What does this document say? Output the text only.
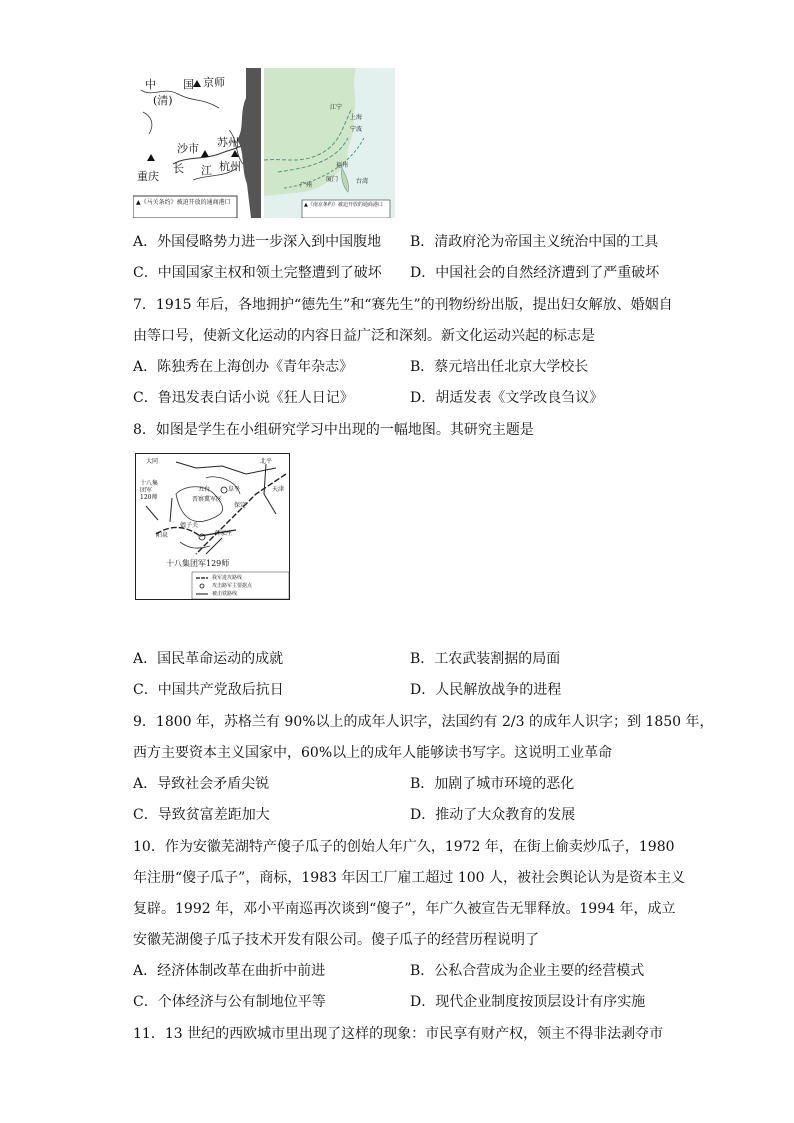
中 国 京师
(清)
苏州
沙市
长 江 杭州
重庆
▲《马关条约》被迫开放的通商港口
江宁
上海
宁波
福州
厦门
广州
台湾
▲《南京条约》被迫开放的通商港口
A．外国侵略势力进一步深入到中国腹地 B．清政府沦为帝国主义统治中国的工具
C．中国国家主权和领土完整遭到了破坏 D．中国社会的自然经济遭到了严重破坏
7．1915 年后，各地拥护“德先生”和“赛先生”的刊物纷纷出版，提出妇女解放、婚姻自
由等口号，使新文化运动的内容日益广泛和深刻。新文化运动兴起的标志是
A．陈独秀在上海创办《青年杂志》	B．蔡元培出任北京大学校长
C．鲁迅发表白话小说《狂人日记》	D．胡适发表《文学改良刍议》
8．如图是学生在小组研究学习中出现的一幅地图。其研究主题是
大同	北平
天津
十八集团军120师
五台
晋察冀军区
阜平
保定
阳泉
娘子关
石家庄
十八集团军129师
我军进攻路线
攻击路军主要据点
被击铁路线
A．国民革命运动的成就	B．工农武装割据的局面
C．中国共产党敌后抗日	D．人民解放战争的进程
9．1800 年，苏格兰有 90%以上的成年人识字，法国约有 2/3 的成年人识字；到 1850 年，
西方主要资本主义国家中，60%以上的成年人能够读书写字。这说明工业革命
A．导致社会矛盾尖锐	B．加剧了城市环境的恶化
C．导致贫富差距加大	D．推动了大众教育的发展
10．作为安徽芜湖特产傻子瓜子的创始人年广久，1972 年，在街上偷卖炒瓜子，1980
年注册“傻子瓜子”，商标，1983 年因工厂雇工超过 100 人，被社会舆论认为是资本主义
复辟。1992 年，邓小平南巡再次谈到“傻子”，年广久被宣告无罪释放。1994 年，成立
安徽芜湖傻子瓜子技术开发有限公司。傻子瓜子的经营历程说明了
A．经济体制改革在曲折中前进	B．公私合营成为企业主要的经营模式
C．个体经济与公有制地位平等	D．现代企业制度按顶层设计有序实施
11．13 世纪的西欧城市里出现了这样的现象：市民享有财产权，领主不得非法剥夺市
